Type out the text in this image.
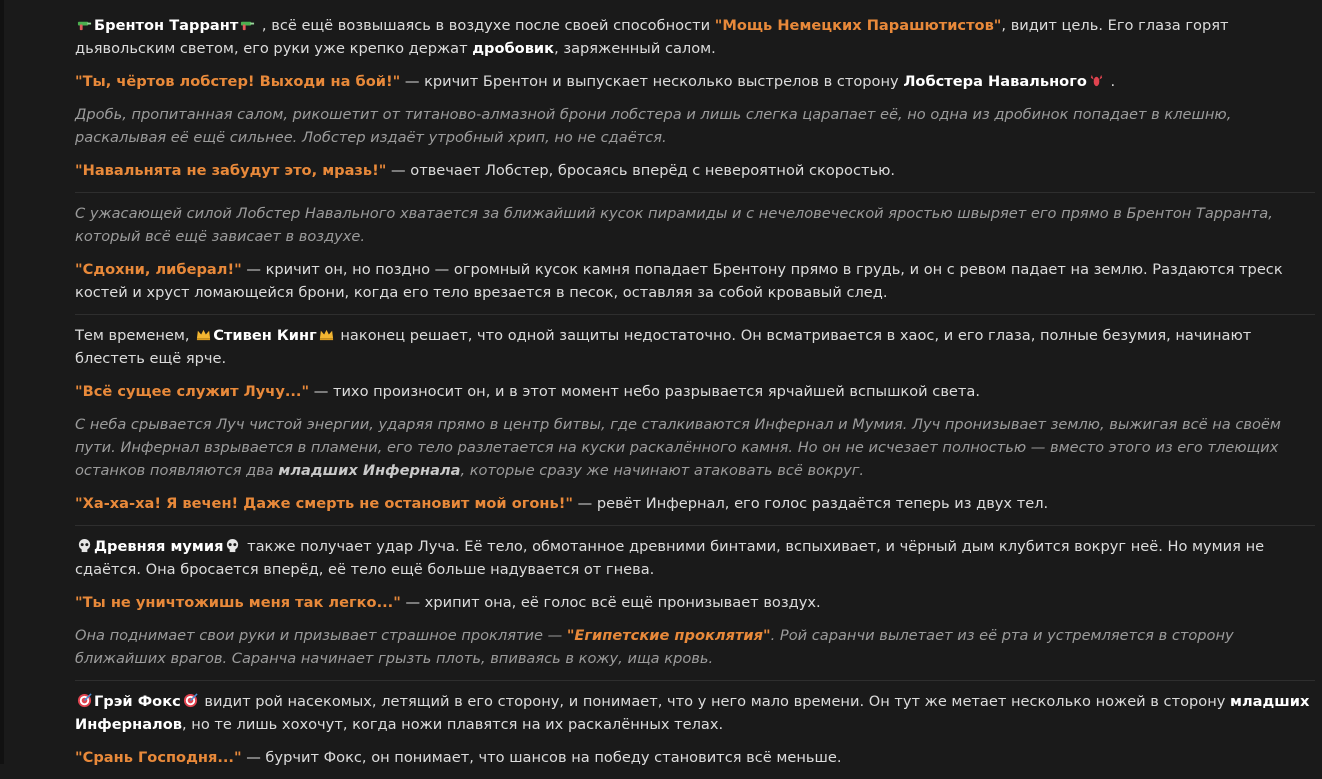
Брентон Таррант , всё ещё возвышаясь в воздухе после своей способности "Мощь Немецких Парашютистов", видит цель. Его глаза горят дьявольским светом, его руки уже крепко держат дробовик, заряженный салом.
"Ты, чёртов лобстер! Выходи на бой!" — кричит Брентон и выпускает несколько выстрелов в сторону Лобстера Навального .
Дробь, пропитанная салом, рикошетит от титаново-алмазной брони лобстера и лишь слегка царапает её, но одна из дробинок попадает в клешню, раскалывая её ещё сильнее. Лобстер издаёт утробный хрип, но не сдаётся.
"Навальнята не забудут это, мразь!" — отвечает Лобстер, бросаясь вперёд с невероятной скоростью.
С ужасающей силой Лобстер Навального хватается за ближайший кусок пирамиды и с нечеловеческой яростью швыряет его прямо в Брентон Тарранта, который всё ещё зависает в воздухе.
"Сдохни, либерал!" — кричит он, но поздно — огромный кусок камня попадает Брентону прямо в грудь, и он с ревом падает на землю. Раздаются треск костей и хруст ломающейся брони, когда его тело врезается в песок, оставляя за собой кровавый след.
Тем временем, Стивен Кинг наконец решает, что одной защиты недостаточно. Он всматривается в хаос, и его глаза, полные безумия, начинают блестеть ещё ярче.
"Всё сущее служит Лучу..." — тихо произносит он, и в этот момент небо разрывается ярчайшей вспышкой света.
С неба срывается Луч чистой энергии, ударяя прямо в центр битвы, где сталкиваются Инфернал и Мумия. Луч пронизывает землю, выжигая всё на своём пути. Инфернал взрывается в пламени, его тело разлетается на куски раскалённого камня. Но он не исчезает полностью — вместо этого из его тлеющих останков появляются два младших Инфернала, которые сразу же начинают атаковать всё вокруг.
"Ха-ха-ха! Я вечен! Даже смерть не остановит мой огонь!" — ревёт Инфернал, его голос раздаётся теперь из двух тел.
Древняя мумия также получает удар Луча. Её тело, обмотанное древними бинтами, вспыхивает, и чёрный дым клубится вокруг неё. Но мумия не сдаётся. Она бросается вперёд, её тело ещё больше надувается от гнева.
"Ты не уничтожишь меня так легко..." — хрипит она, её голос всё ещё пронизывает воздух.
Она поднимает свои руки и призывает страшное проклятие — "Египетские проклятия". Рой саранчи вылетает из её рта и устремляется в сторону ближайших врагов. Саранча начинает грызть плоть, впиваясь в кожу, ища кровь.
Грэй Фокс видит рой насекомых, летящий в его сторону, и понимает, что у него мало времени. Он тут же метает несколько ножей в сторону младших Инферналов, но те лишь хохочут, когда ножи плавятся на их раскалённых телах.
"Срань Господня..." — бурчит Фокс, он понимает, что шансов на победу становится всё меньше.
